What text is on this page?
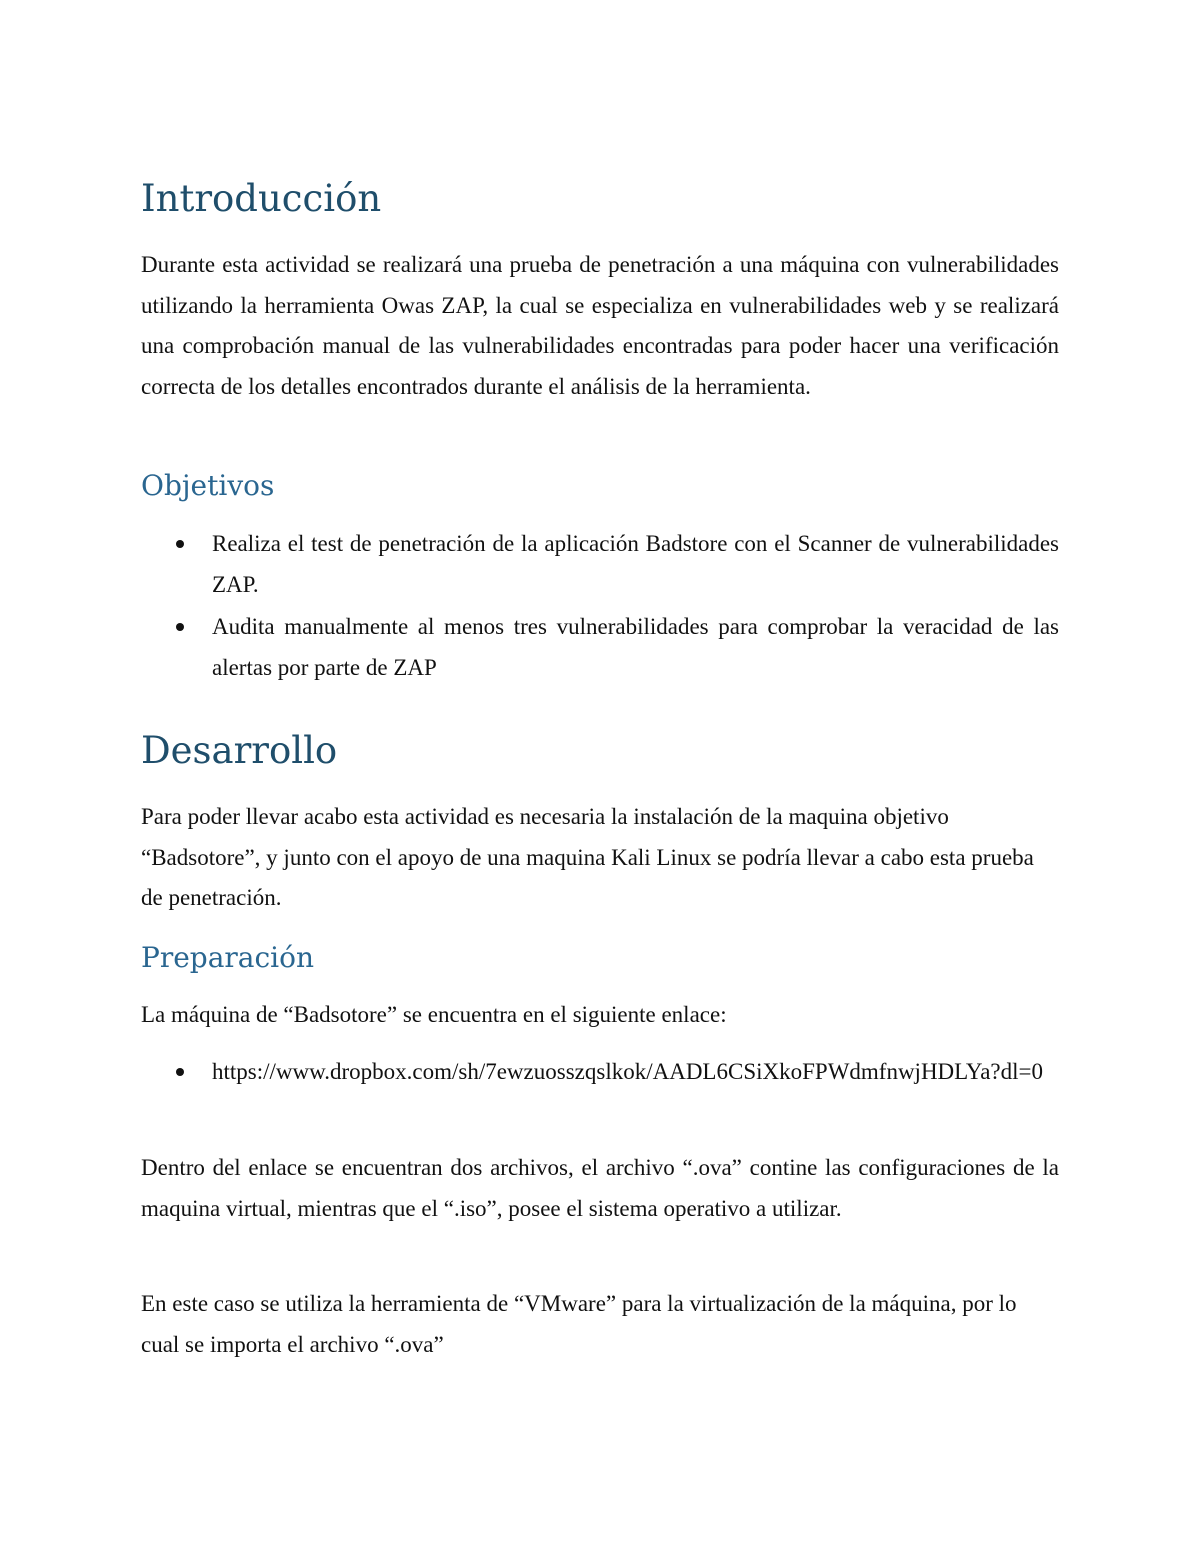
Introducción

Durante esta actividad se realizará una prueba de penetración a una máquina con vulnerabilidades utilizando la herramienta Owas ZAP, la cual se especializa en vulnerabilidades web y se realizará una comprobación manual de las vulnerabilidades encontradas para poder hacer una verificación correcta de los detalles encontrados durante el análisis de la herramienta.

Objetivos
Realiza el test de penetración de la aplicación Badstore con el Scanner de vulnerabilidades ZAP.
Audita manualmente al menos tres vulnerabilidades para comprobar la veracidad de las alertas por parte de ZAP
Desarrollo

Para poder llevar acabo esta actividad es necesaria la instalación de la maquina objetivo “Badsotore”, y junto con el apoyo de una maquina Kali Linux se podría llevar a cabo esta prueba de penetración.

Preparación

La máquina de “Badsotore” se encuentra en el siguiente enlace:

https://www.dropbox.com/sh/7ewzuosszqslkok/AADL6CSiXkoFPWdmfnwjHDLYa?dl=0

Dentro del enlace se encuentran dos archivos, el archivo “.ova” contine las configuraciones de la maquina virtual, mientras que el “.iso”, posee el sistema operativo a utilizar.

En este caso se utiliza la herramienta de “VMware” para la virtualización de la máquina, por lo cual se importa el archivo “.ova”
